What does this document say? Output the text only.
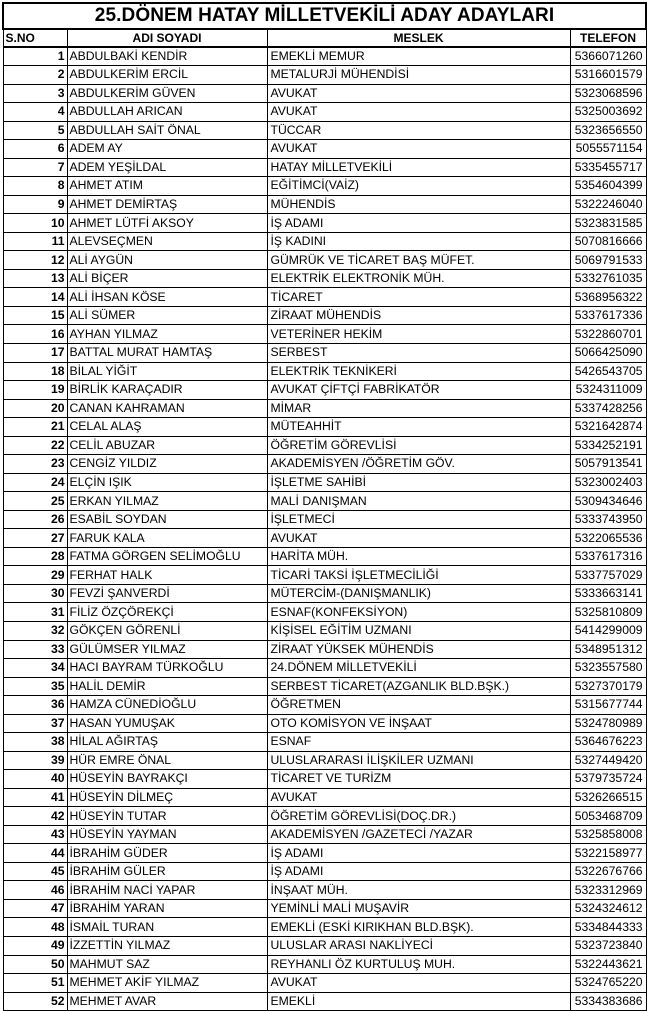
25.DÖNEM HATAY MİLLETVEKİLİ ADAY ADAYLARI			
S.NO	ADI SOYADI	MESLEK	TELEFON
1	ABDULBAKİ KENDİR	EMEKLİ MEMUR	5366071260
2	ABDULKERİM ERCİL	METALURJİ MÜHENDİSİ	5316601579
3	ABDULKERİM GÜVEN	AVUKAT	5323068596
4	ABDULLAH ARICAN	AVUKAT	5325003692
5	ABDULLAH SAİT ÖNAL	TÜCCAR	5323656550
6	ADEM AY	AVUKAT	5055571154
7	ADEM YEŞİLDAL	HATAY MİLLETVEKİLİ	5335455717
8	AHMET ATIM	EĞİTİMCİ(VAİZ)	5354604399
9	AHMET DEMİRTAŞ	MÜHENDİS	5322246040
10	AHMET LÜTFİ AKSOY	İŞ ADAMI	5323831585
11	ALEVSEÇMEN	İŞ KADINI	5070816666
12	ALİ AYGÜN	GÜMRÜK VE TİCARET BAŞ MÜFET.	5069791533
13	ALİ BİÇER	ELEKTRİK ELEKTRONİK MÜH.	5332761035
14	ALİ İHSAN KÖSE	TİCARET	5368956322
15	ALİ SÜMER	ZİRAAT MÜHENDİS	5337617336
16	AYHAN YILMAZ	VETERİNER HEKİM	5322860701
17	BATTAL MURAT HAMTAŞ	SERBEST	5066425090
18	BİLAL YİĞİT	ELEKTRİK TEKNİKERİ	5426543705
19	BİRLİK KARAÇADIR	AVUKAT ÇİFTÇİ FABRİKATÖR	5324311009
20	CANAN KAHRAMAN	MİMAR	5337428256
21	CELAL ALAŞ	MÜTEAHHİT	5321642874
22	CELİL ABUZAR	ÖĞRETİM GÖREVLİSİ	5334252191
23	CENGİZ YILDIZ	AKADEMİSYEN /ÖĞRETİM GÖV.	5057913541
24	ELÇİN IŞIK	İŞLETME SAHİBİ	5323002403
25	ERKAN YILMAZ	MALİ DANIŞMAN	5309434646
26	ESABİL SOYDAN	İŞLETMECİ	5333743950
27	FARUK KALA	AVUKAT	5322065536
28	FATMA GÖRGEN SELİMOĞLU	HARİTA MÜH.	5337617316
29	FERHAT HALK	TİCARİ TAKSİ İŞLETMECİLİĞİ	5337757029
30	FEVZİ ŞANVERDİ	MÜTERCİM-(DANIŞMANLIK)	5333663141
31	FİLİZ ÖZÇÖREKÇİ	ESNAF(KONFEKSİYON)	5325810809
32	GÖKÇEN GÖRENLİ	KİŞİSEL EĞİTİM UZMANI	5414299009
33	GÜLÜMSER YILMAZ	ZİRAAT YÜKSEK MÜHENDİS	5348951312
34	HACI BAYRAM TÜRKOĞLU	24.DÖNEM MİLLETVEKİLİ	5323557580
35	HALİL DEMİR	SERBEST TİCARET(AZGANLIK BLD.BŞK.)	5327370179
36	HAMZA CÜNEDİOĞLU	ÖĞRETMEN	5315677744
37	HASAN YUMUŞAK	OTO KOMİSYON VE İNŞAAT	5324780989
38	HİLAL AĞIRTAŞ	ESNAF	5364676223
39	HÜR EMRE ÖNAL	ULUSLARARASI İLİŞKİLER UZMANI	5327449420
40	HÜSEYİN BAYRAKÇI	TİCARET VE TURİZM	5379735724
41	HÜSEYİN DİLMEÇ	AVUKAT	5326266515
42	HÜSEYİN TUTAR	ÖĞRETİM GÖREVLİSİ(DOÇ.DR.)	5053468709
43	HÜSEYİN YAYMAN	AKADEMİSYEN /GAZETECİ /YAZAR	5325858008
44	İBRAHİM GÜDER	İŞ ADAMI	5322158977
45	İBRAHİM GÜLER	İŞ ADAMI	5322676766
46	İBRAHİM NACİ YAPAR	İNŞAAT MÜH.	5323312969
47	İBRAHİM YARAN	YEMİNLİ MALİ MUŞAVİR	5324324612
48	İSMAİL TURAN	EMEKLİ (ESKİ KIRIKHAN BLD.BŞK).	5334844333
49	İZZETTİN YILMAZ	ULUSLAR ARASI NAKLİYECİ	5323723840
50	MAHMUT SAZ	REYHANLI ÖZ KURTULUŞ MUH.	5322443621
51	MEHMET AKİF YILMAZ	AVUKAT	5324765220
52	MEHMET AVAR	EMEKLİ	5334383686
